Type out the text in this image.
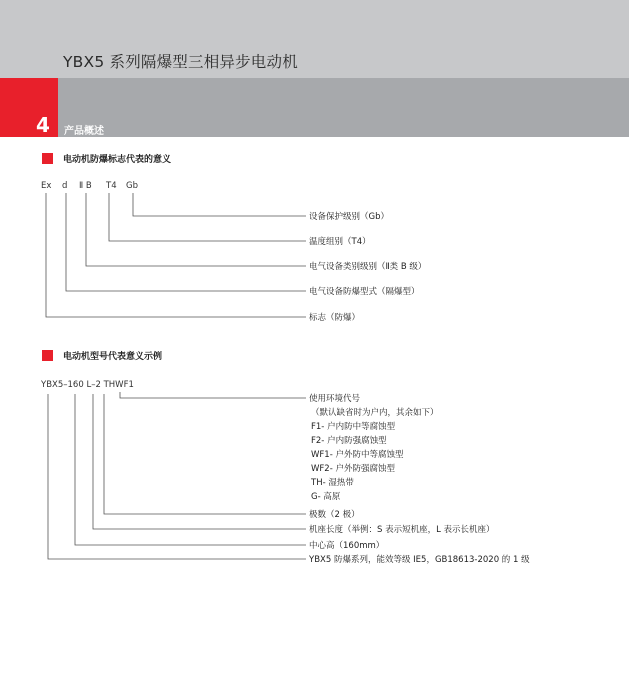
YBX5 系列隔爆型三相异步电动机
4 产品概述
电动机防爆标志代表的意义
Ex d Ⅱ B T4 Gb
设备保护级别（Gb）
温度组别（T4）
电气设备类别级别（Ⅱ类 B 级）
电气设备防爆型式（隔爆型）
标志（防爆）
电动机型号代表意义示例
YBX5–160 L–2 THWF1
使用环境代号
（默认缺省时为户内，其余如下）
F1- 户内防中等腐蚀型
F2- 户内防强腐蚀型
WF1- 户外防中等腐蚀型
WF2- 户外防强腐蚀型
TH- 湿热带
G- 高原
极数（2 极）
机座长度（举例：S 表示短机座，L 表示长机座）
中心高（160mm）
YBX5 防爆系列，能效等级 IE5，GB18613-2020 的 1 级
